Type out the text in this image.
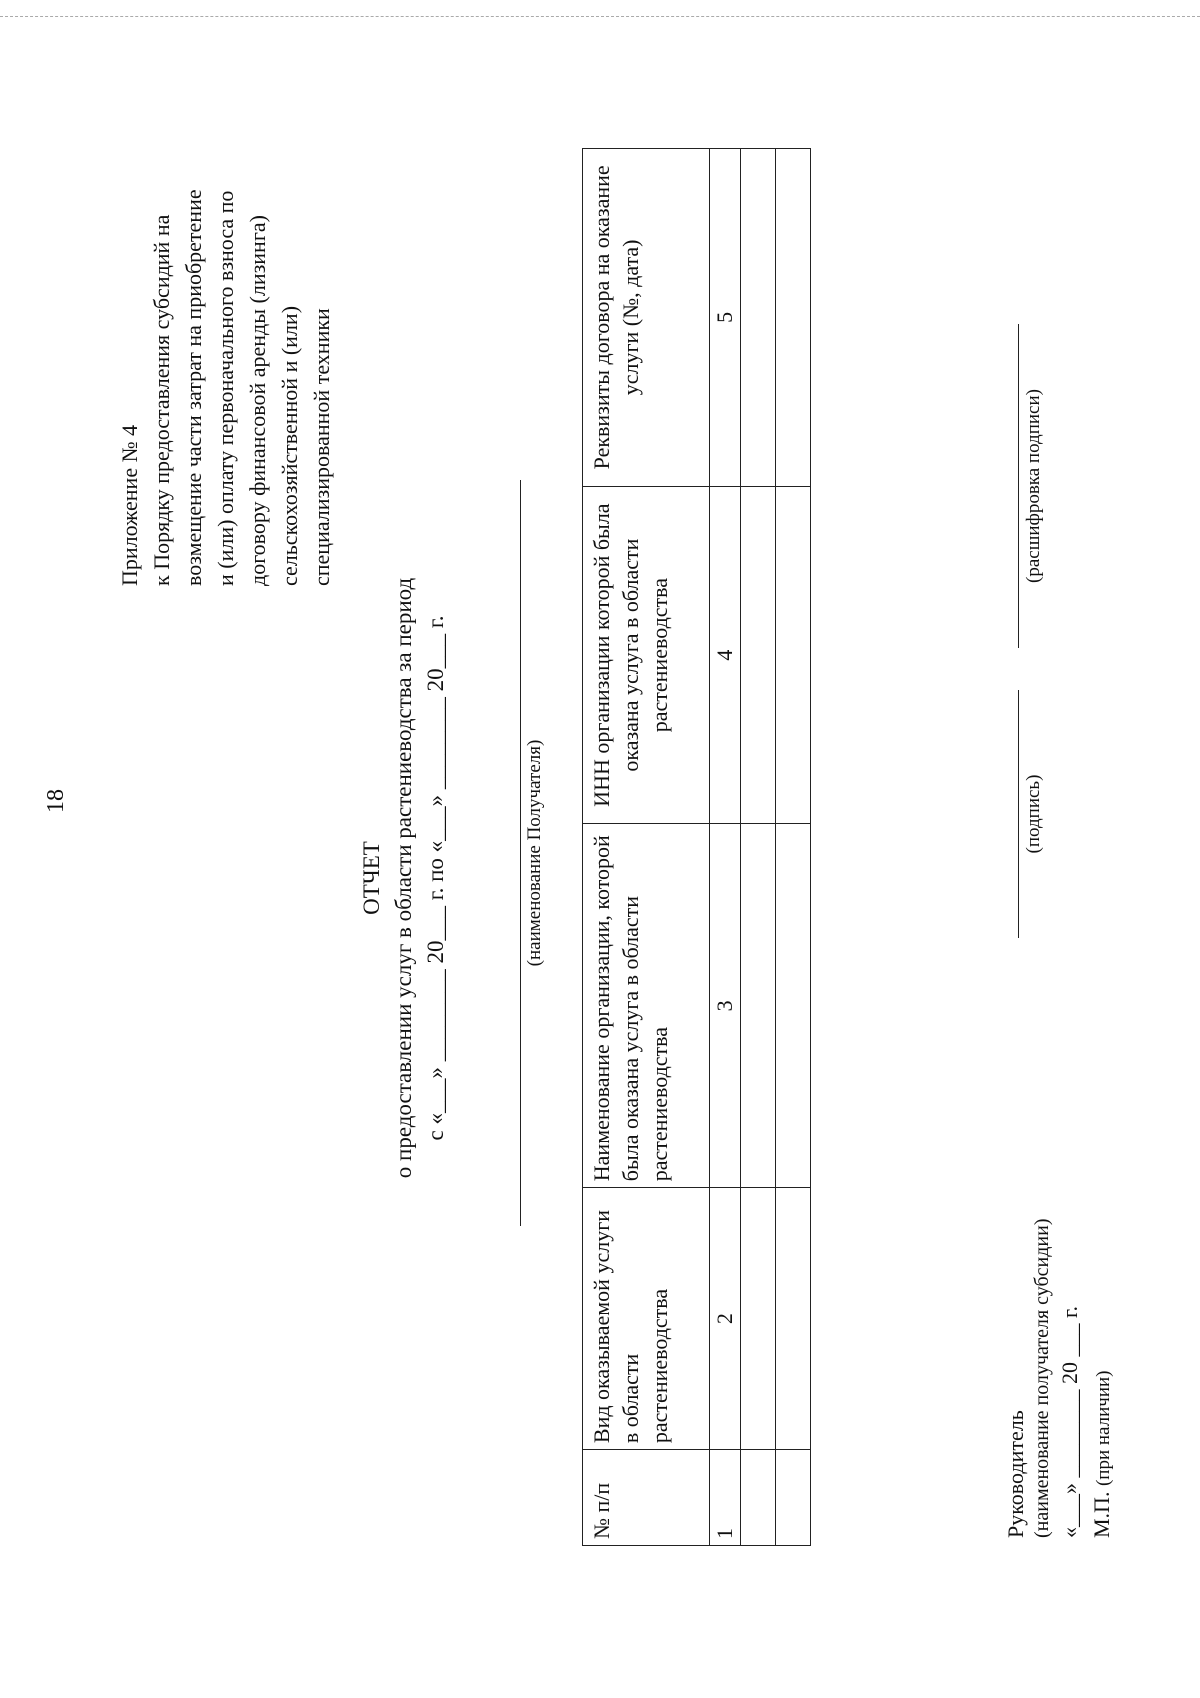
18
Приложение № 4 к Порядку предоставления субсидий на возмещение части затрат на приобретение и (или) оплату первоначального взноса по договору финансовой аренды (лизинга) сельскохозяйственной и (или) специализированной техники
ОТЧЕТ о предоставлении услуг в области растениеводства за период с «___» ________ 20___ г. по «___» ________ 20___ г.	(наименование Получателя)
№ п/п	Вид оказываемой услуги в области растениеводства	Наименование организации, которой была оказана услуга в области растениеводства	ИНН организации которой была оказана услуга в области растениеводства	Реквизиты договора на оказание услуги (№, дата)
1	2	3	4	5

Руководитель (наименование получателя субсидии) «___» ________ 20 ___ г.
(подпись)
(расшифровка подписи)
М.П. (при наличии)
